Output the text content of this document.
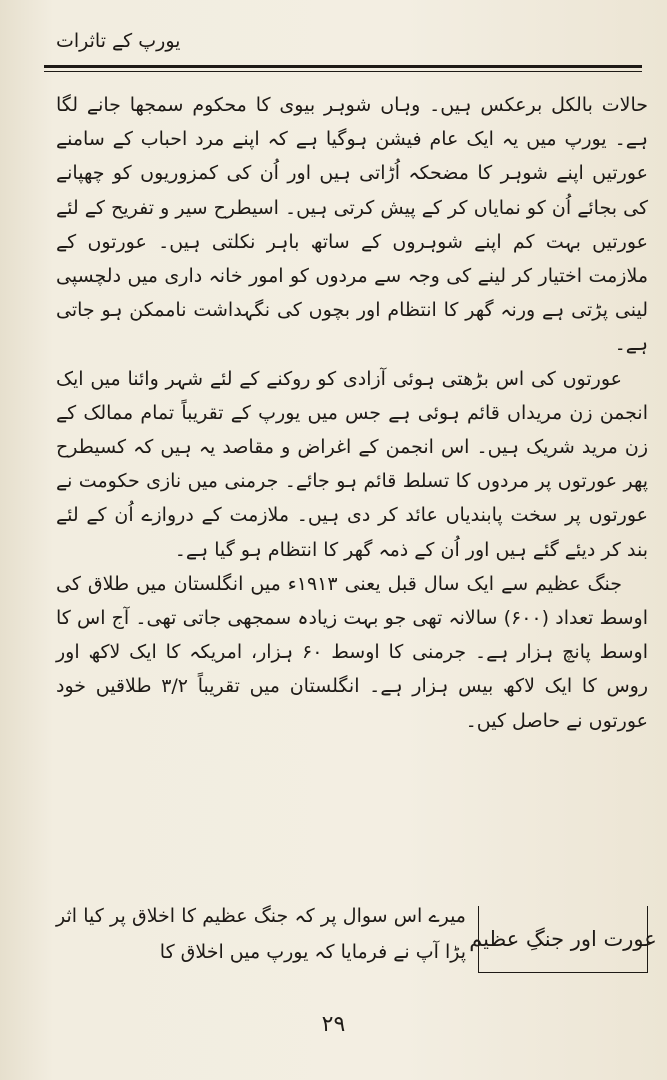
یورپ کے تاثرات

حالات بالکل برعکس ہیں۔ وہاں شوہر بیوی کا محکوم سمجھا جانے لگا ہے۔ یورپ میں یہ ایک عام فیشن ہوگیا ہے کہ اپنے مرد احباب کے سامنے عورتیں اپنے شوہر کا مضحکہ اُڑاتی ہیں اور اُن کی کمزوریوں کو چھپانے کی بجائے اُن کو نمایاں کر کے پیش کرتی ہیں۔ اسیطرح سیر و تفریح کے لئے عورتیں بہت کم اپنے شوہروں کے ساتھ باہر نکلتی ہیں۔ عورتوں کے ملازمت اختیار کر لینے کی وجہ سے مردوں کو امور خانہ داری میں دلچسپی لینی پڑتی ہے ورنہ گھر کا انتظام اور بچوں کی نگہداشت ناممکن ہو جاتی ہے۔

عورتوں کی اس بڑھتی ہوئی آزادی کو روکنے کے لئے شہر وائنا میں ایک انجمن زن مریداں قائم ہوئی ہے جس میں یورپ کے تقریباً تمام ممالک کے زن مرید شریک ہیں۔ اس انجمن کے اغراض و مقاصد یہ ہیں کہ کسیطرح پھر عورتوں پر مردوں کا تسلط قائم ہو جائے۔ جرمنی میں نازی حکومت نے عورتوں پر سخت پابندیاں عائد کر دی ہیں۔ ملازمت کے دروازے اُن کے لئے بند کر دیئے گئے ہیں اور اُن کے ذمہ گھر کا انتظام ہو گیا ہے۔

جنگ عظیم سے ایک سال قبل یعنی ۱۹۱۳ء میں انگلستان میں طلاق کی اوسط تعداد (۶۰۰) سالانہ تھی جو بہت زیادہ سمجھی جاتی تھی۔ آج اس کا اوسط پانچ ہزار ہے۔ جرمنی کا اوسط ۶۰ ہزار، امریکہ کا ایک لاکھ اور روس کا ایک لاکھ بیس ہزار ہے۔ انگلستان میں تقریباً ۳/۲ طلاقیں خود عورتوں نے حاصل کیں۔

عورت اور جنگِ عظیم

میرے اس سوال پر کہ جنگ عظیم کا اخلاق پر کیا اثر پڑا آپ نے فرمایا کہ یورپ میں اخلاق کا

۲۹
